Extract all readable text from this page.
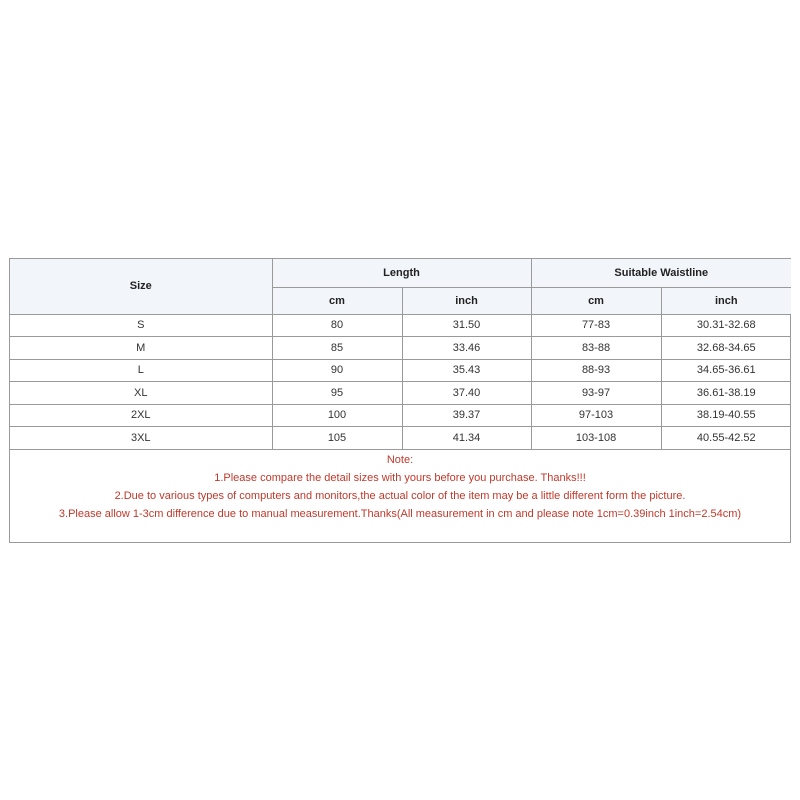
Size	Length		Suitable Waistline	
	cm	inch	cm	inch
S	80	31.50	77-83	30.31-32.68
M	85	33.46	83-88	32.68-34.65
L	90	35.43	88-93	34.65-36.61
XL	95	37.40	93-97	36.61-38.19
2XL	100	39.37	97-103	38.19-40.55
3XL	105	41.34	103-108	40.55-42.52
Note:
1.Please compare the detail sizes with yours before you purchase. Thanks!!!
2.Due to various types of computers and monitors,the actual color of the item may be a little different form the picture.
3.Please allow 1-3cm difference due to manual measurement.Thanks(All measurement in cm and please note 1cm=0.39inch 1inch=2.54cm)
